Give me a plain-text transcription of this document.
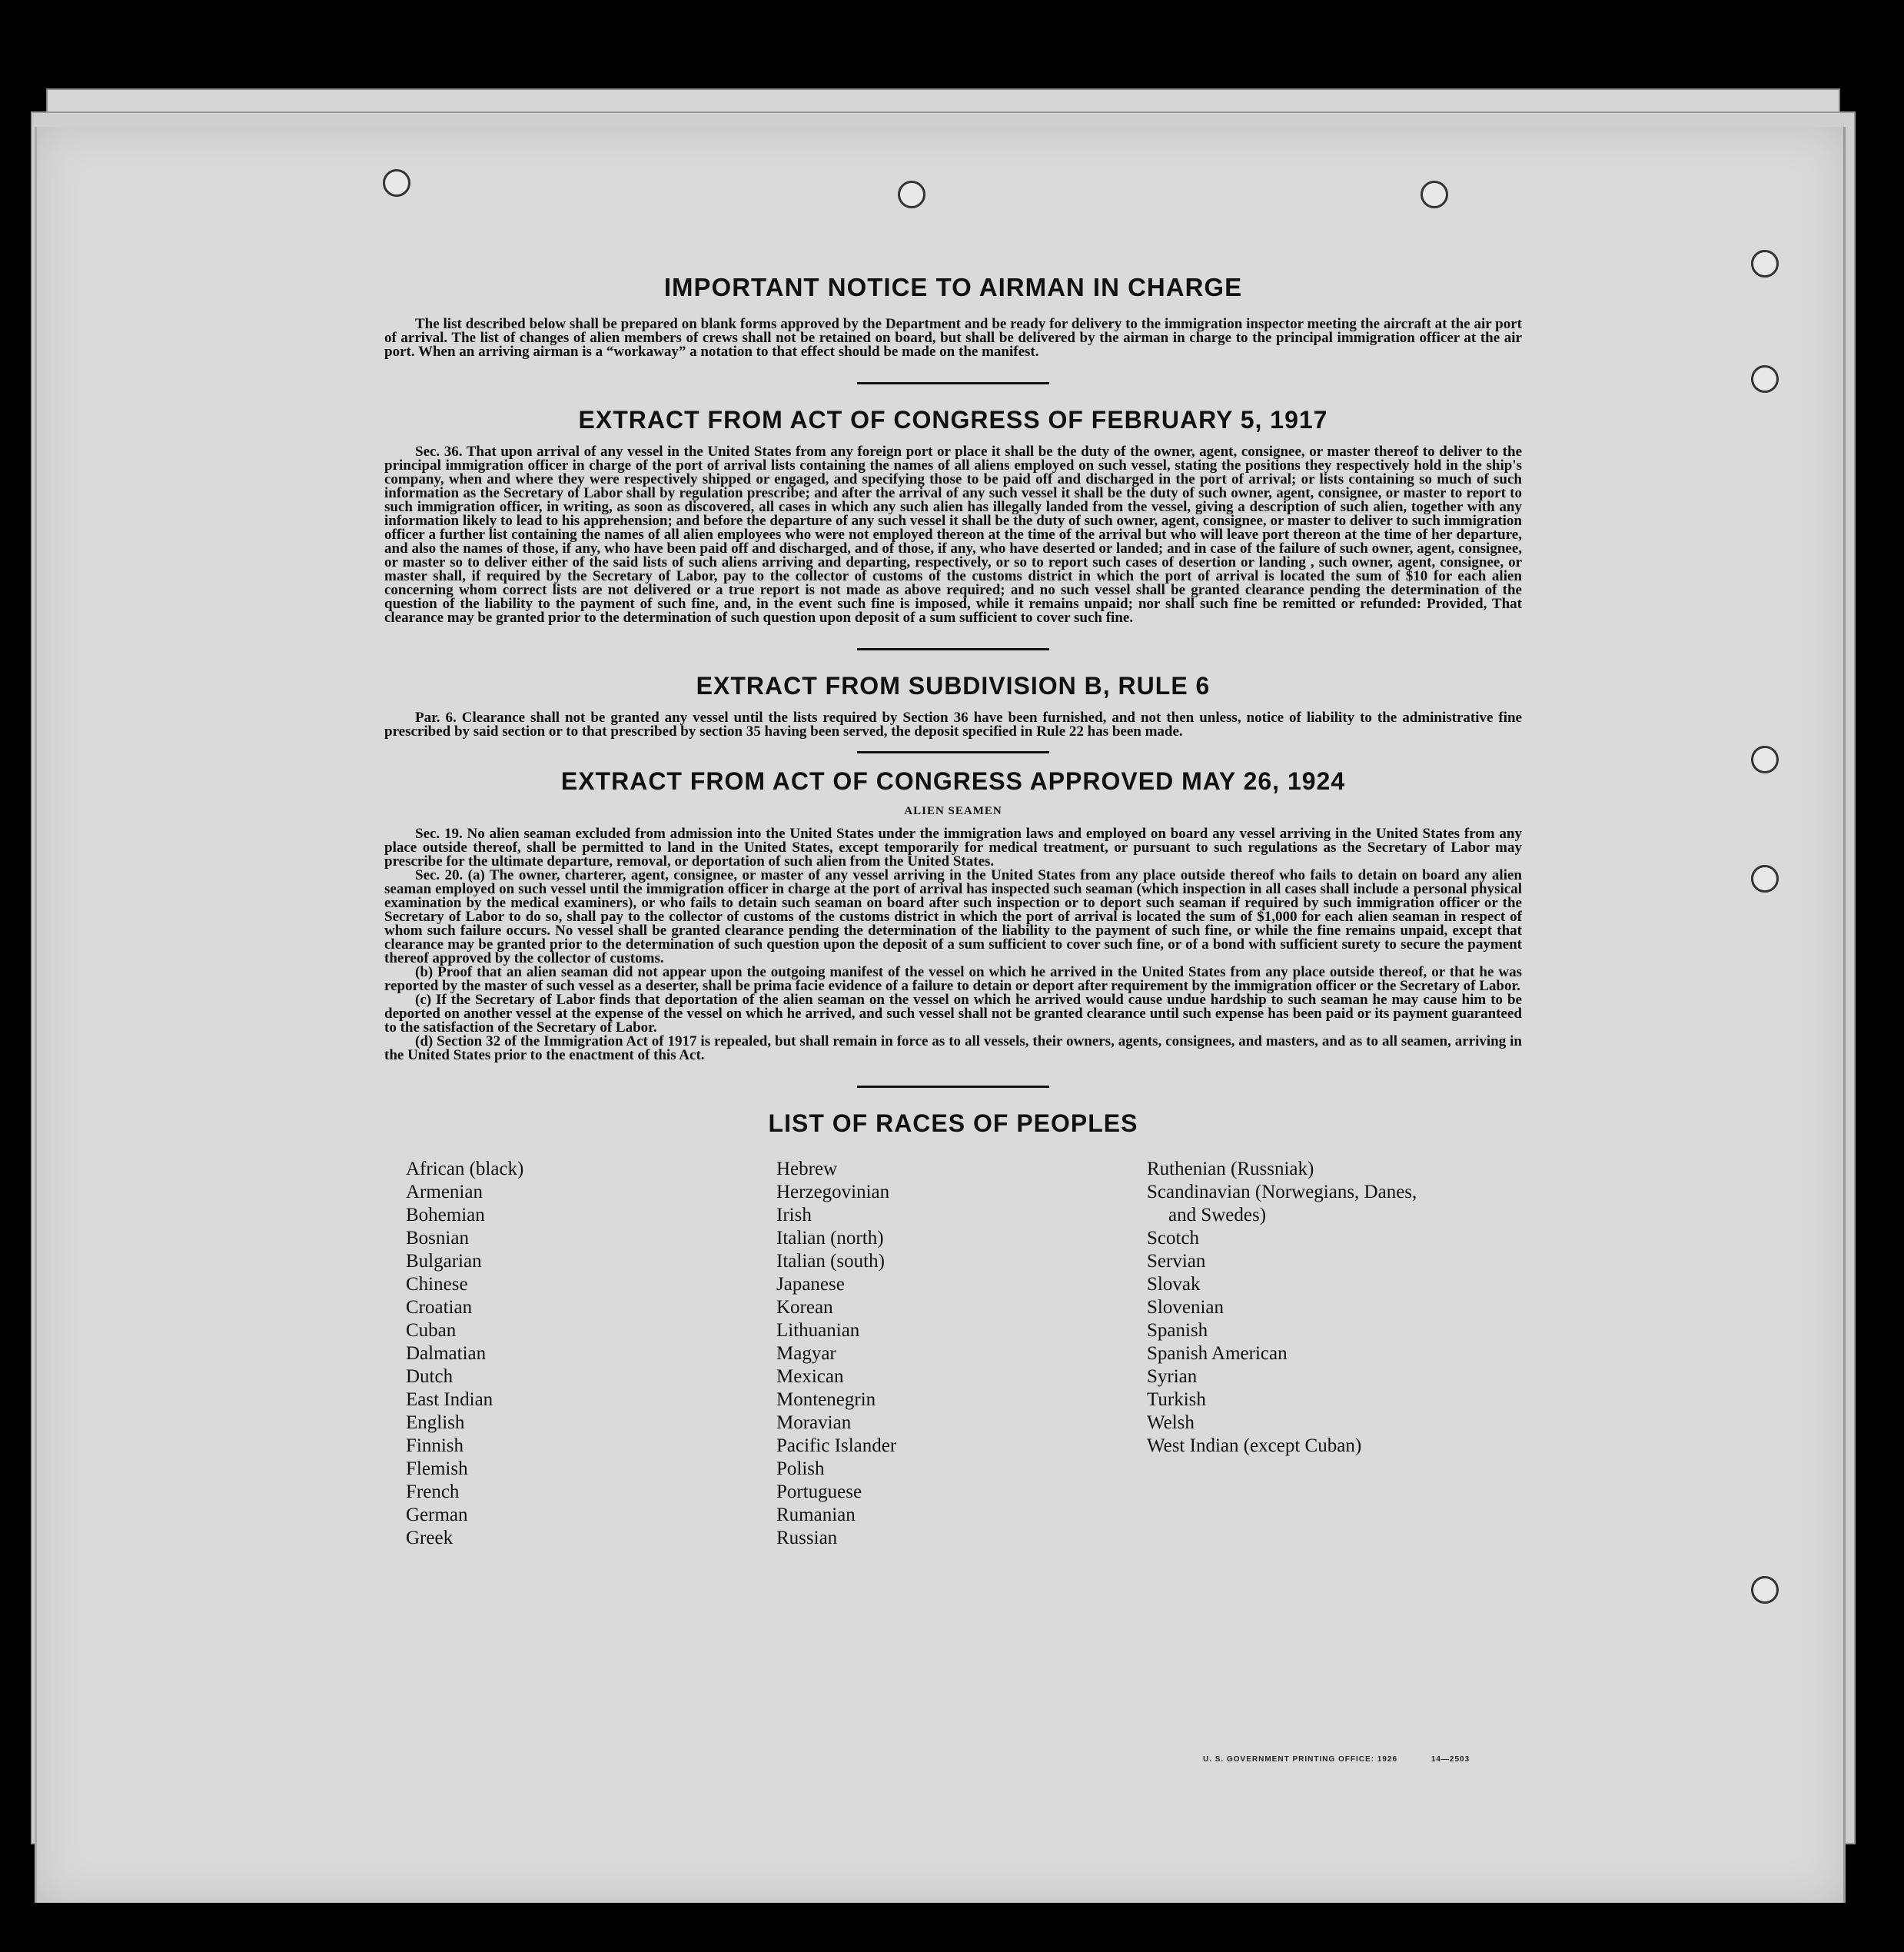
IMPORTANT NOTICE TO AIRMAN IN CHARGE

The list described below shall be prepared on blank forms approved by the Department and be ready for delivery to the immigration inspector meeting the aircraft at the air port of arrival. The list of changes of alien members of crews shall not be retained on board, but shall be delivered by the airman in charge to the principal immigration officer at the air port. When an arriving airman is a “workaway” a notation to that effect should be made on the manifest.

EXTRACT FROM ACT OF CONGRESS OF FEBRUARY 5, 1917

Sec. 36. That upon arrival of any vessel in the United States from any foreign port or place it shall be the duty of the owner, agent, consignee, or master thereof to deliver to the principal immigration officer in charge of the port of arrival lists containing the names of all aliens employed on such vessel, stating the positions they respectively hold in the ship's company, when and where they were respectively shipped or engaged, and specifying those to be paid off and discharged in the port of arrival; or lists containing so much of such information as the Secretary of Labor shall by regulation prescribe; and after the arrival of any such vessel it shall be the duty of such owner, agent, consignee, or master to report to such immigration officer, in writing, as soon as discovered, all cases in which any such alien has illegally landed from the vessel, giving a description of such alien, together with any information likely to lead to his apprehension; and before the departure of any such vessel it shall be the duty of such owner, agent, consignee, or master to deliver to such immigration officer a further list containing the names of all alien employees who were not employed thereon at the time of the arrival but who will leave port thereon at the time of her departure, and also the names of those, if any, who have been paid off and discharged, and of those, if any, who have deserted or landed; and in case of the failure of such owner, agent, consignee, or master so to deliver either of the said lists of such aliens arriving and departing, respectively, or so to report such cases of desertion or landing , such owner, agent, consignee, or master shall, if required by the Secretary of Labor, pay to the collector of customs of the customs district in which the port of arrival is located the sum of $10 for each alien concerning whom correct lists are not delivered or a true report is not made as above required; and no such vessel shall be granted clearance pending the determination of the question of the liability to the payment of such fine, and, in the event such fine is imposed, while it remains unpaid; nor shall such fine be remitted or refunded: Provided, That clearance may be granted prior to the determination of such question upon deposit of a sum sufficient to cover such fine.

EXTRACT FROM SUBDIVISION B, RULE 6

Par. 6. Clearance shall not be granted any vessel until the lists required by Section 36 have been furnished, and not then unless, notice of liability to the administrative fine prescribed by said section or to that prescribed by section 35 having been served, the deposit specified in Rule 22 has been made.

EXTRACT FROM ACT OF CONGRESS APPROVED MAY 26, 1924
ALIEN SEAMEN

Sec. 19. No alien seaman excluded from admission into the United States under the immigration laws and employed on board any vessel arriving in the United States from any place outside thereof, shall be permitted to land in the United States, except temporarily for medical treatment, or pursuant to such regulations as the Secretary of Labor may prescribe for the ultimate departure, removal, or deportation of such alien from the United States.

Sec. 20. (a) The owner, charterer, agent, consignee, or master of any vessel arriving in the United States from any place outside thereof who fails to detain on board any alien seaman employed on such vessel until the immigration officer in charge at the port of arrival has inspected such seaman (which inspection in all cases shall include a personal physical examination by the medical examiners), or who fails to detain such seaman on board after such inspection or to deport such seaman if required by such immigration officer or the Secretary of Labor to do so, shall pay to the collector of customs of the customs district in which the port of arrival is located the sum of $1,000 for each alien seaman in respect of whom such failure occurs. No vessel shall be granted clearance pending the determination of the liability to the payment of such fine, or while the fine remains unpaid, except that clearance may be granted prior to the determination of such question upon the deposit of a sum sufficient to cover such fine, or of a bond with sufficient surety to secure the payment thereof approved by the collector of customs.

(b) Proof that an alien seaman did not appear upon the outgoing manifest of the vessel on which he arrived in the United States from any place outside thereof, or that he was reported by the master of such vessel as a deserter, shall be prima facie evidence of a failure to detain or deport after requirement by the immigration officer or the Secretary of Labor.

(c) If the Secretary of Labor finds that deportation of the alien seaman on the vessel on which he arrived would cause undue hardship to such seaman he may cause him to be deported on another vessel at the expense of the vessel on which he arrived, and such vessel shall not be granted clearance until such expense has been paid or its payment guaranteed to the satisfaction of the Secretary of Labor.

(d) Section 32 of the Immigration Act of 1917 is repealed, but shall remain in force as to all vessels, their owners, agents, consignees, and masters, and as to all seamen, arriving in the United States prior to the enactment of this Act.

LIST OF RACES OF PEOPLES
African (black)
Armenian
Bohemian
Bosnian
Bulgarian
Chinese
Croatian
Cuban
Dalmatian
Dutch
East Indian
English
Finnish
Flemish
French
German
Greek
Hebrew
Herzegovinian
Irish
Italian (north)
Italian (south)
Japanese
Korean
Lithuanian
Magyar
Mexican
Montenegrin
Moravian
Pacific Islander
Polish
Portuguese
Rumanian
Russian
Ruthenian (Russniak)
Scandinavian (Norwegians, Danes,
and Swedes)
Scotch
Servian
Slovak
Slovenian
Spanish
Spanish American
Syrian
Turkish
Welsh
West Indian (except Cuban)
U. S. GOVERNMENT PRINTING OFFICE: 1926	14—2503
